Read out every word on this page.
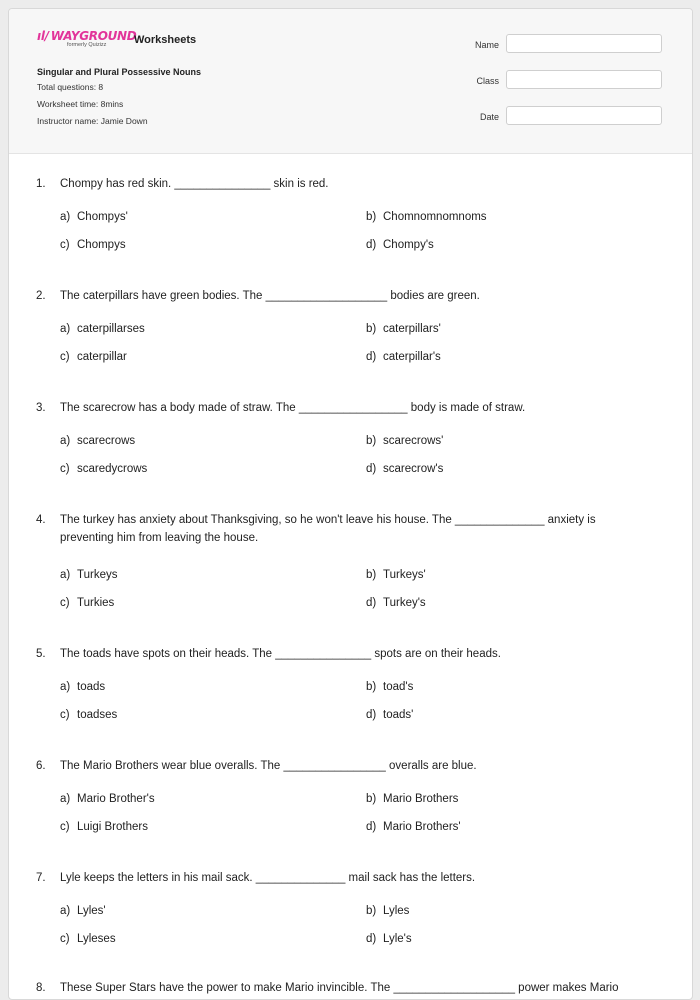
ıl/ WAYGROUND
formerly Quizizz	Worksheets
Singular and Plural Possessive Nouns
Total questions: 8
Worksheet time: 8mins
Instructor name: Jamie Down
Name
Class
Date
1. Chompy has red skin. _______________ skin is red.
a) Chompys'	b) Chomnomnomnoms
c) Chompys	d) Chompy's
2. The caterpillars have green bodies. The ___________________ bodies are green.
a) caterpillarses	b) caterpillars'
c) caterpillar	d) caterpillar's
3. The scarecrow has a body made of straw. The _________________ body is made of straw.
a) scarecrows	b) scarecrows'
c) scaredycrows	d) scarecrow's
4. The turkey has anxiety about Thanksgiving, so he won't leave his house. The ______________ anxiety is
preventing him from leaving the house.
a) Turkeys	b) Turkeys'
c) Turkies	d) Turkey's
5. The toads have spots on their heads. The _______________ spots are on their heads.
a) toads	b) toad's
c) toadses	d) toads'
6. The Mario Brothers wear blue overalls. The ________________ overalls are blue.
a) Mario Brother's	b) Mario Brothers
c) Luigi Brothers	d) Mario Brothers'
7. Lyle keeps the letters in his mail sack. ______________ mail sack has the letters.
a) Lyles'	b) Lyles
c) Lyleses	d) Lyle's
8. These Super Stars have the power to make Mario invincible. The ___________________ power makes Mario
